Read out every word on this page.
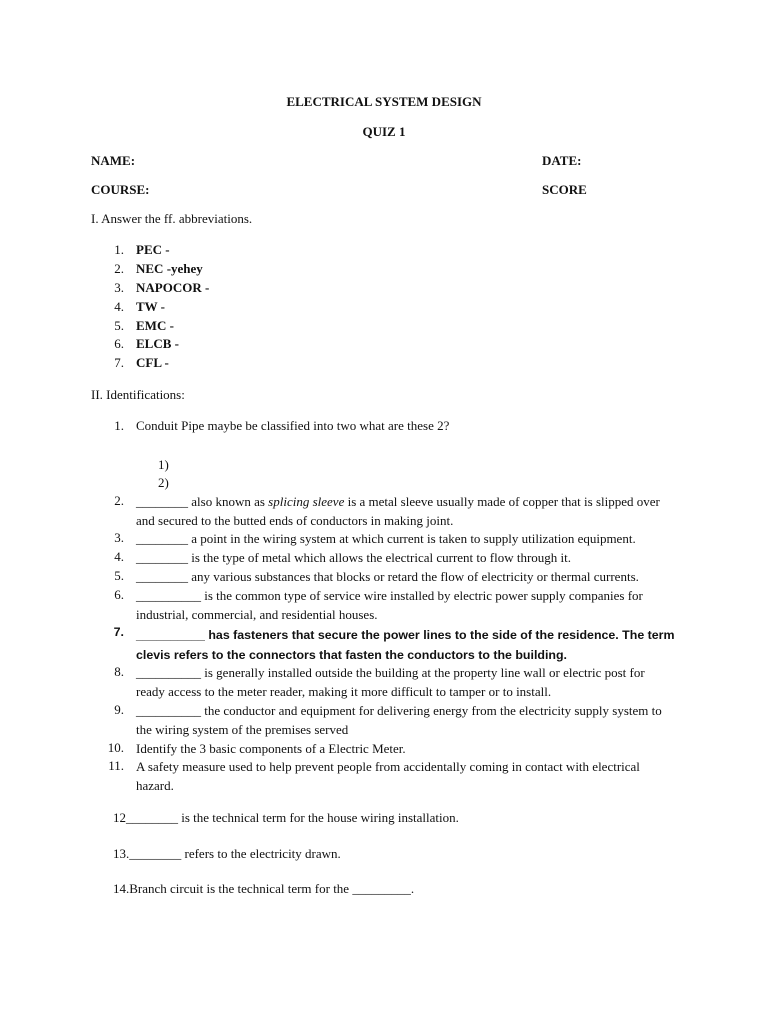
ELECTRICAL SYSTEM DESIGN
QUIZ 1
NAME:	DATE:
COURSE:	SCORE
I. Answer the ff. abbreviations.
1. PEC -
2. NEC -yehey
3. NAPOCOR -
4. TW -
5. EMC -
6. ELCB -
7. CFL -
II. Identifications:
1. Conduit Pipe maybe be classified into two what are these 2?
1)
2)
2. ________ also known as splicing sleeve is a metal sleeve usually made of copper that is slipped over and secured to the butted ends of conductors in making joint.
3. ________ a point in the wiring system at which current is taken to supply utilization equipment.
4. ________ is the type of metal which allows the electrical current to flow through it.
5. ________ any various substances that blocks or retard the flow of electricity or thermal currents.
6. __________ is the common type of service wire installed by electric power supply companies for industrial, commercial, and residential houses.
7. __________ has fasteners that secure the power lines to the side of the residence. The term clevis refers to the connectors that fasten the conductors to the building.
8. __________ is generally installed outside the building at the property line wall or electric post for ready access to the meter reader, making it more difficult to tamper or to install.
9. __________ the conductor and equipment for delivering energy from the electricity supply system to the wiring system of the premises served
10. Identify the 3 basic components of a Electric Meter.
11. A safety measure used to help prevent people from accidentally coming in contact with electrical hazard.
12________ is the technical term for the house wiring installation.
13.________ refers to the electricity drawn.
14.Branch circuit is the technical term for the _________.
